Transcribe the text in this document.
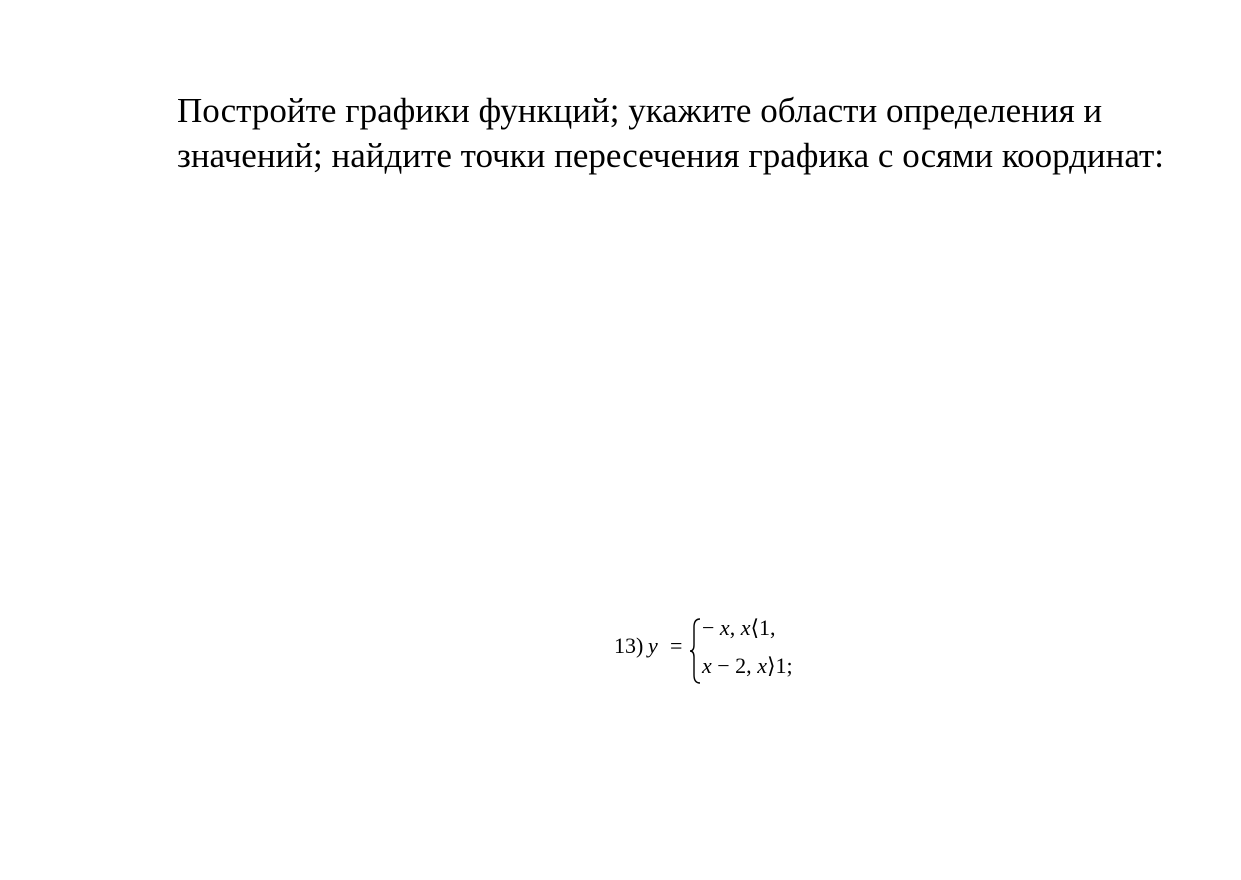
Постройте графики функций; укажите области определения и значений; найдите точки пересечения графика с осями координат:

13) y =
− x, x⟨1,
x − 2, x⟩1;
